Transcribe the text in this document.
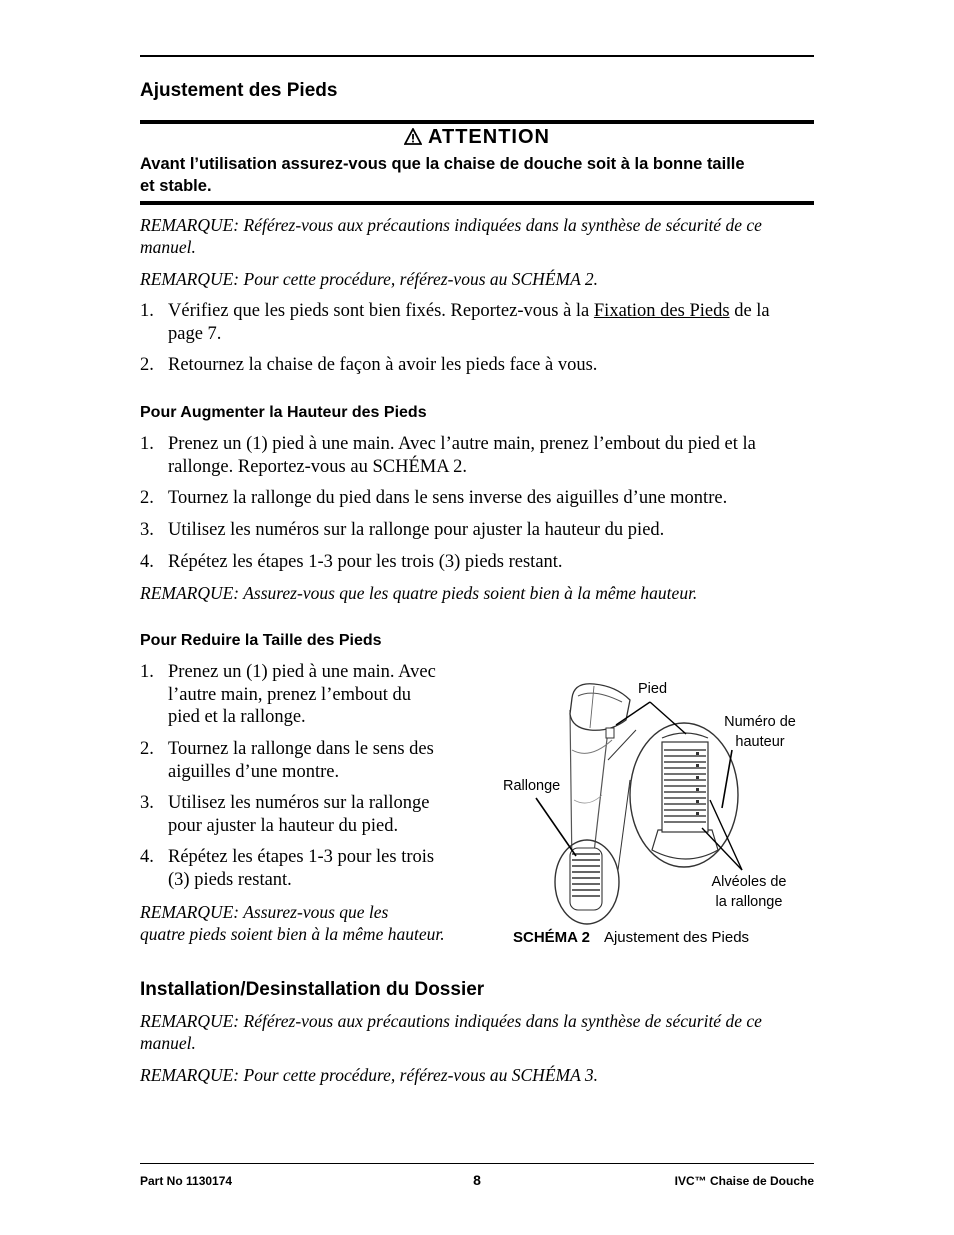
Ajustement des Pieds
ATTENTION
Avant l’utilisation assurez-vous que la chaise de douche soit à la bonne taille
et stable.
REMARQUE: Référez-vous aux précautions indiquées dans la synthèse de sécurité de ce
manuel.
REMARQUE: Pour cette procédure, référez-vous au SCHÉMA 2.
1. Vérifiez que les pieds sont bien fixés. Reportez-vous à la Fixation des Pieds de la
page 7.
2. Retournez la chaise de façon à avoir les pieds face à vous.
Pour Augmenter la Hauteur des Pieds
1. Prenez un (1) pied à une main. Avec l’autre main, prenez l’embout du pied et la
rallonge. Reportez-vous au SCHÉMA 2.
2. Tournez la rallonge du pied dans le sens inverse des aiguilles d’une montre.
3. Utilisez les numéros sur la rallonge pour ajuster la hauteur du pied.
4. Répétez les étapes 1-3 pour les trois (3) pieds restant.
REMARQUE: Assurez-vous que les quatre pieds soient bien à la même hauteur.
Pour Reduire la Taille des Pieds
1. Prenez un (1) pied à une main. Avec
l’autre main, prenez l’embout du
pied et la rallonge.
2. Tournez la rallonge dans le sens des
aiguilles d’une montre.
3. Utilisez les numéros sur la rallonge
pour ajuster la hauteur du pied.
4. Répétez les étapes 1-3 pour les trois
(3) pieds restant.
REMARQUE: Assurez-vous que les
quatre pieds soient bien à la même hauteur.
Pied
Numéro de
hauteur
Rallonge
Alvéoles de
la rallonge
SCHÉMA 2 Ajustement des Pieds
Installation/Desinstallation du Dossier
REMARQUE: Référez-vous aux précautions indiquées dans la synthèse de sécurité de ce
manuel.
REMARQUE: Pour cette procédure, référez-vous au SCHÉMA 3.
Part No 1130174	8	IVC™ Chaise de Douche
